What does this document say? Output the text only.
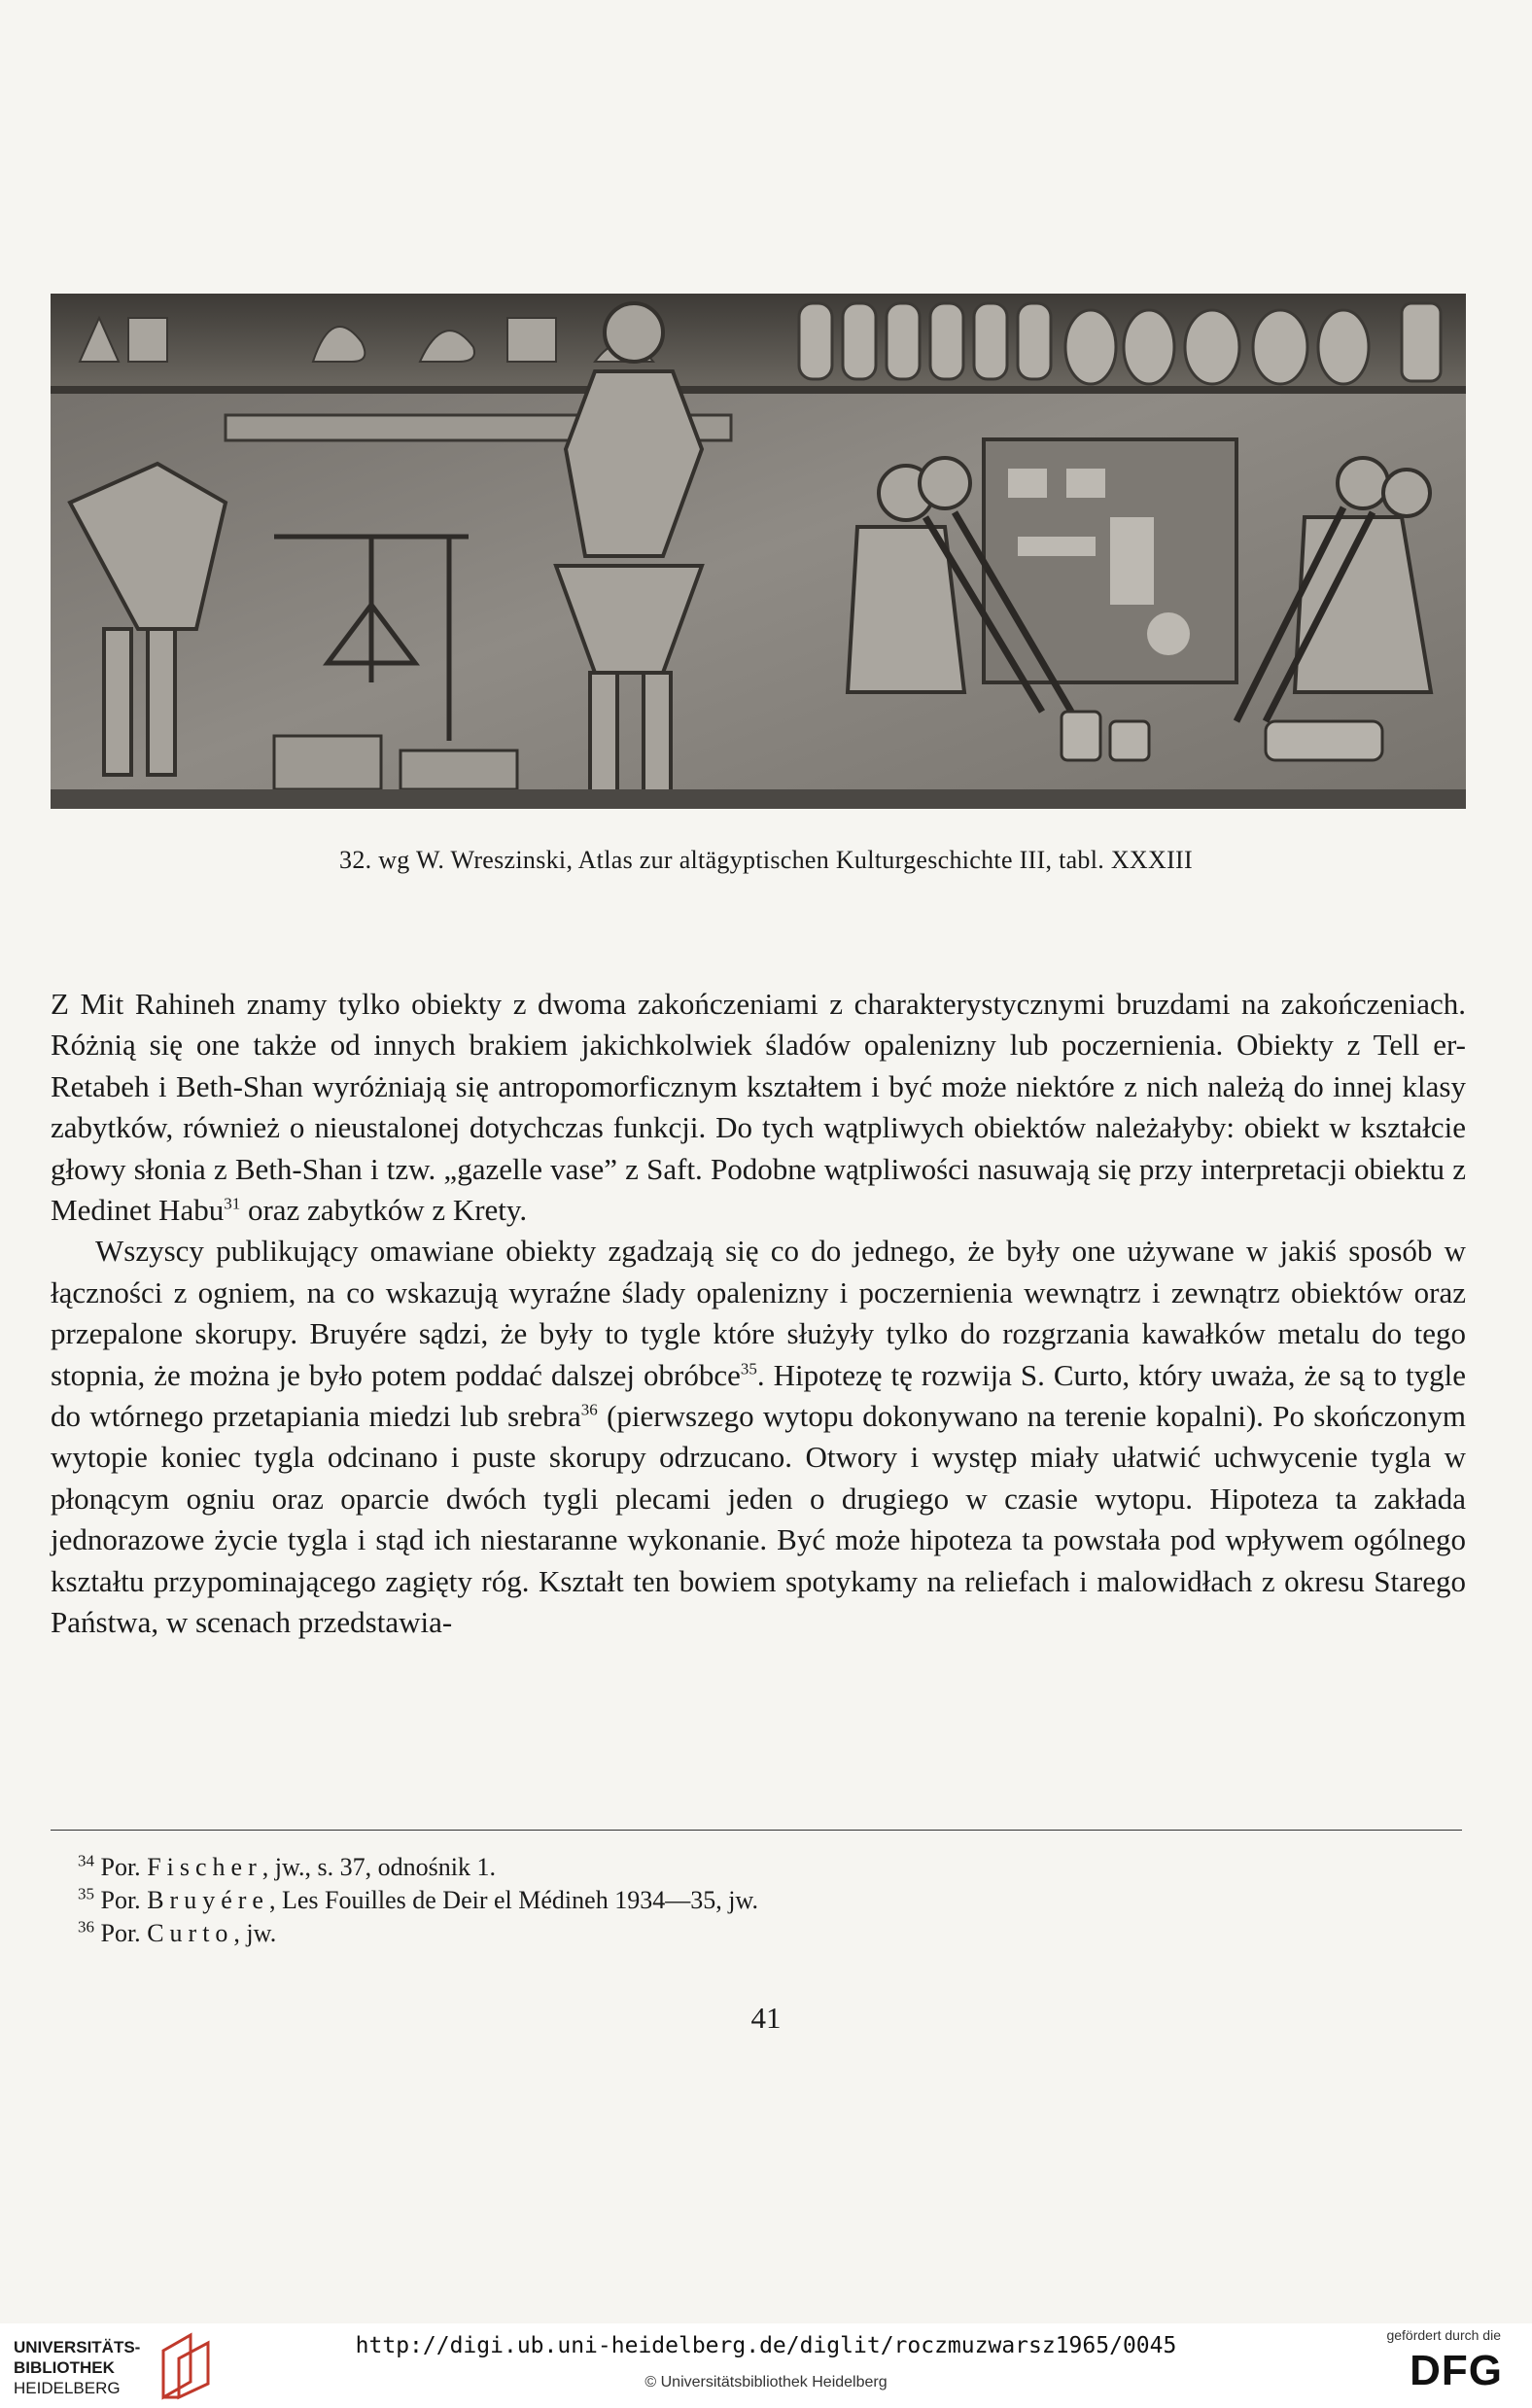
32. wg W. Wreszinski, Atlas zur altägyptischen Kulturgeschichte III, tabl. XXXIII

Z Mit Rahineh znamy tylko obiekty z dwoma zakończeniami z charakterystycznymi bruzdami na zakończeniach. Różnią się one także od innych brakiem jakichkolwiek śladów opalenizny lub poczernienia. Obiekty z Tell er-Retabeh i Beth-Shan wyróżniają się antropomorficznym kształtem i być może niektóre z nich należą do innej klasy zabytków, również o nieustalonej dotychczas funkcji. Do tych wątpliwych obiektów należałyby: obiekt w kształcie głowy słonia z Beth-Shan i tzw. „gazelle vase” z Saft. Podobne wątpliwości nasuwają się przy interpretacji obiektu z Medinet Habu$^{31}$ oraz zabytków z Krety.

Wszyscy publikujący omawiane obiekty zgadzają się co do jednego, że były one używane w jakiś sposób w łączności z ogniem, na co wskazują wyraźne ślady opalenizny i poczernienia wewnątrz i zewnątrz obiektów oraz przepalone skorupy. Bruyére sądzi, że były to tygle które służyły tylko do rozgrzania kawałków metalu do tego stopnia, że można je było potem poddać dalszej obróbce$^{35}$. Hipotezę tę rozwija S. Curto, który uważa, że są to tygle do wtórnego przetapiania miedzi lub srebra$^{36}$ (pierwszego wytopu dokonywano na terenie kopalni). Po skończonym wytopie koniec tygla odcinano i puste skorupy odrzucano. Otwory i występ miały ułatwić uchwycenie tygla w płonącym ogniu oraz oparcie dwóch tygli plecami jeden o drugiego w czasie wytopu. Hipoteza ta zakłada jednorazowe życie tygla i stąd ich niestaranne wykonanie. Być może hipoteza ta powstała pod wpływem ogólnego kształtu przypominającego zagięty róg. Kształt ten bowiem spotykamy na reliefach i malowidłach z okresu Starego Państwa, w scenach przedstawia-

$^{34}$ Por. Fischer, jw., s. 37, odnośnik 1.
$^{35}$ Por. Bruyére, Les Fouilles de Deir el Médineh 1934—35, jw.
$^{36}$ Por. Curto, jw.
41
UNIVERSITÄTS-
BIBLIOTHEK
HEIDELBERG
http://digi.ub.uni-heidelberg.de/diglit/roczmuzwarsz1965/0045
© Universitätsbibliothek Heidelberg
gefördert durch die
DFG
